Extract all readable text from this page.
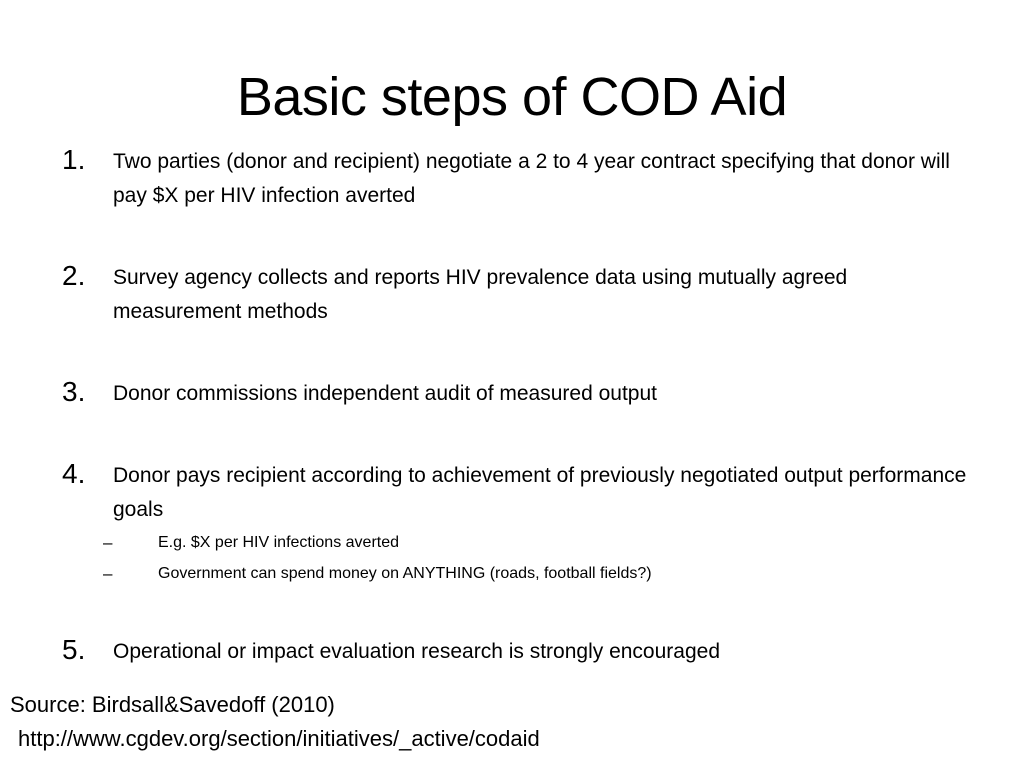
Basic steps of COD Aid
1. Two parties (donor and recipient) negotiate a 2 to 4 year contract specifying that donor will pay $X per HIV infection averted
2. Survey agency collects and reports HIV prevalence data using mutually agreed measurement methods
3. Donor commissions independent audit of measured output
4. Donor pays recipient according to achievement of previously negotiated output performance goals
–	E.g. $X per HIV infections averted
–	Government can spend money on ANYTHING (roads, football fields?)
5. Operational or impact evaluation research is strongly encouraged
Source: Birdsall&Savedoff (2010)
http://www.cgdev.org/section/initiatives/_active/codaid
